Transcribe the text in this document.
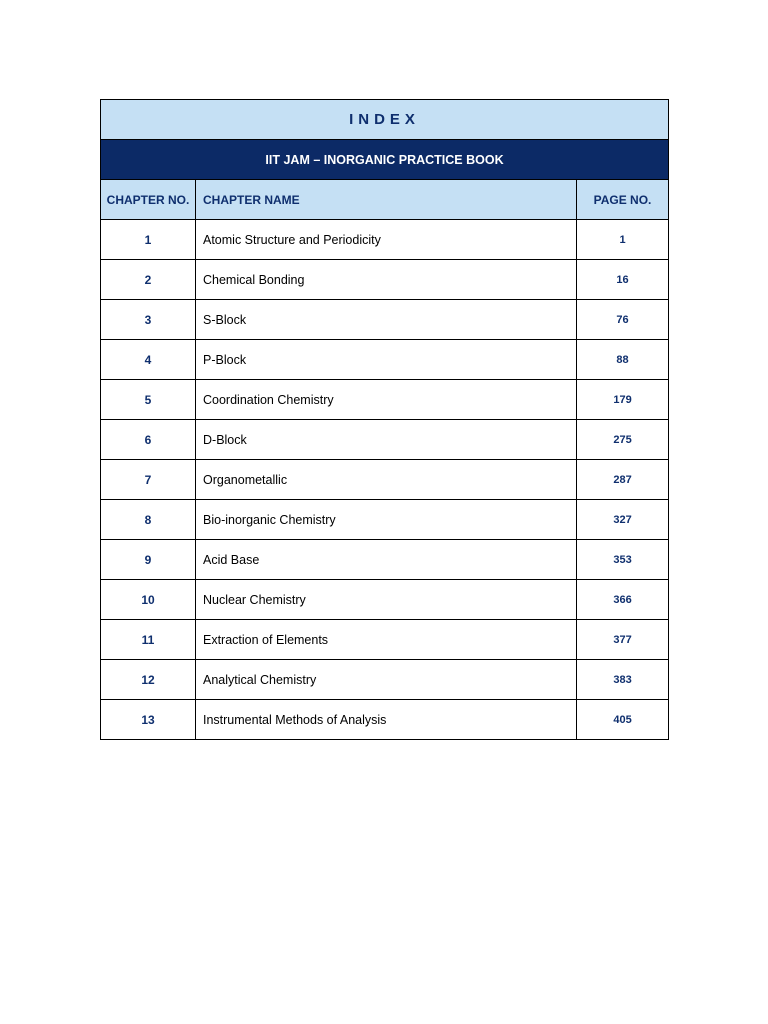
INDEX		
IIT JAM – INORGANIC PRACTICE BOOK		
CHAPTER NO.	CHAPTER NAME	PAGE NO.
1	Atomic Structure and Periodicity	1
2	Chemical Bonding	16
3	S-Block	76
4	P-Block	88
5	Coordination Chemistry	179
6	D-Block	275
7	Organometallic	287
8	Bio-inorganic Chemistry	327
9	Acid Base	353
10	Nuclear Chemistry	366
11	Extraction of Elements	377
12	Analytical Chemistry	383
13	Instrumental Methods of Analysis	405
